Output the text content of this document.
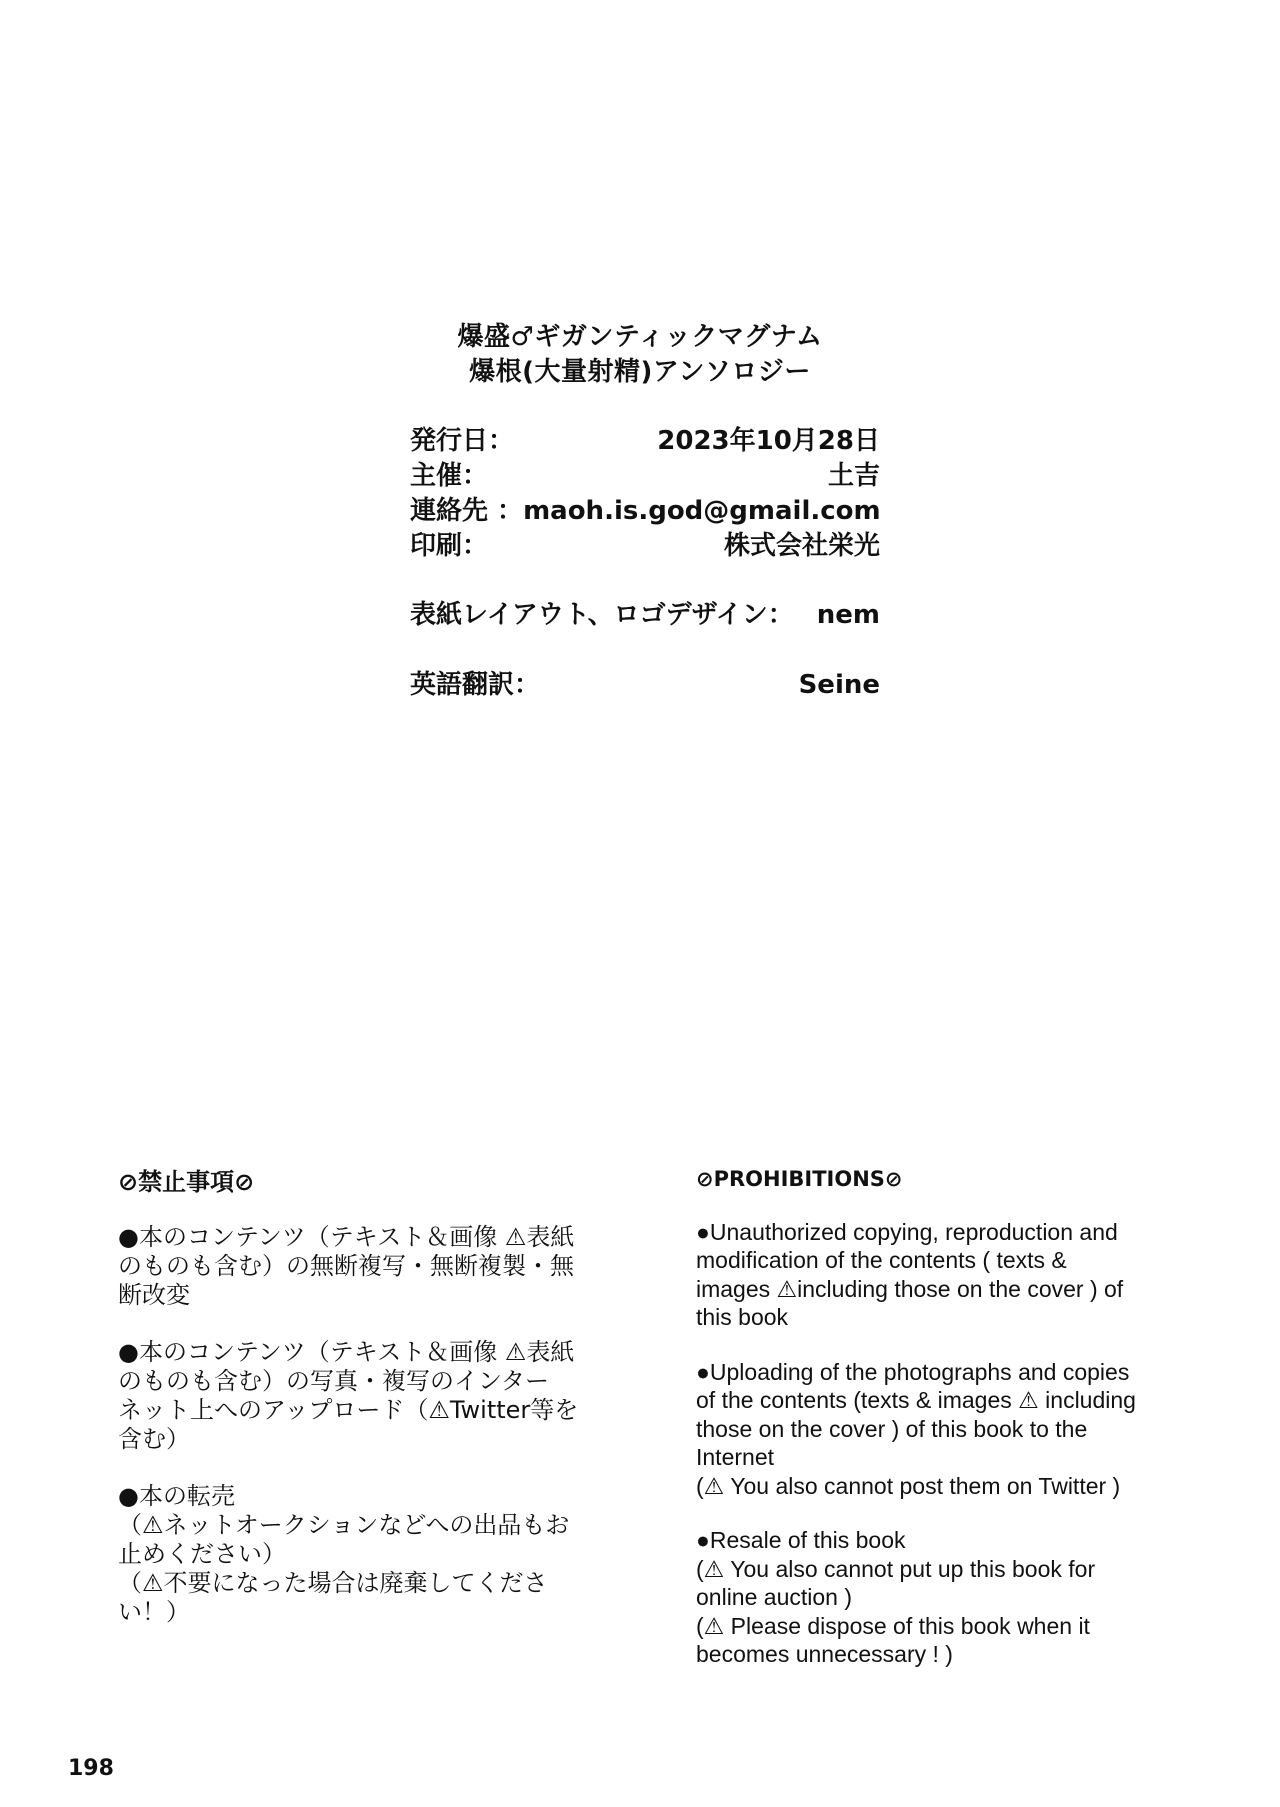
爆盛♂ギガンティックマグナム
爆根(大量射精)アンソロジー
発行日：	2023年10月28日
主催：	土吉
連絡先 ： maoh.is.god@gmail.com
印刷：	株式会社栄光
表紙レイアウト、ロゴデザイン： nem
英語翻訳：	Seine
⊘禁止事項⊘
●本のコンテンツ（テキスト＆画像 ⚠表紙
のものも含む）の無断複写・無断複製・無
断改変
●本のコンテンツ（テキスト＆画像 ⚠表紙
のものも含む）の写真・複写のインター
ネット上へのアップロード（⚠Twitter等を
含む）
●本の転売
（⚠ネットオークションなどへの出品もお
止めください）
（⚠不要になった場合は廃棄してくださ
い！）
⊘PROHIBITIONS⊘
●Unauthorized copying, reproduction and
modification of the contents ( texts &
images ⚠including those on the cover ) of
this book
●Uploading of the photographs and copies
of the contents (texts & images ⚠ including
those on the cover ) of this book to the
Internet
(⚠ You also cannot post them on Twitter )
●Resale of this book
(⚠ You also cannot put up this book for
online auction )
(⚠ Please dispose of this book when it
becomes unnecessary ! )
198
